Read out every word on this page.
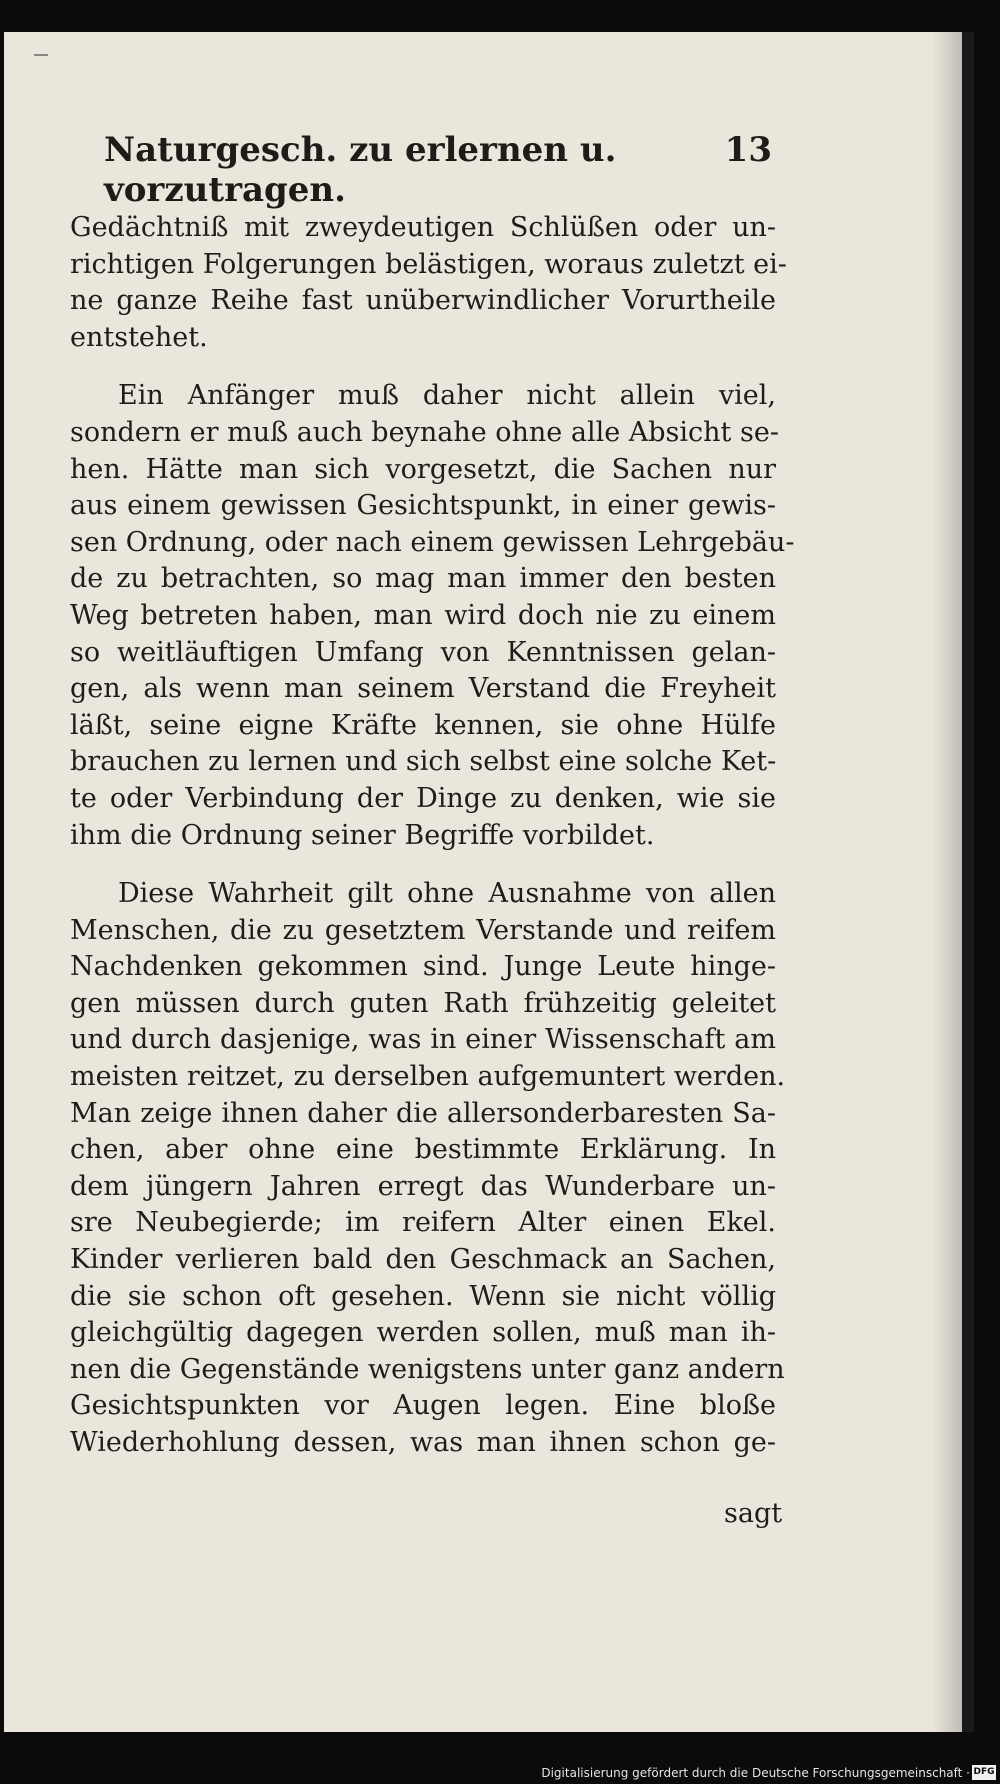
Naturgesch. zu erlernen u. vorzutragen.
13
Gedächtniß mit zweydeutigen Schlüßen oder un-
richtigen Folgerungen belästigen, woraus zuletzt ei-
ne ganze Reihe fast unüberwindlicher Vorurtheile
entstehet.
Ein Anfänger muß daher nicht allein viel,
sondern er muß auch beynahe ohne alle Absicht se-
hen. Hätte man sich vorgesetzt, die Sachen nur
aus einem gewissen Gesichtspunkt, in einer gewis-
sen Ordnung, oder nach einem gewissen Lehrgebäu-
de zu betrachten, so mag man immer den besten
Weg betreten haben, man wird doch nie zu einem
so weitläuftigen Umfang von Kenntnissen gelan-
gen, als wenn man seinem Verstand die Freyheit
läßt, seine eigne Kräfte kennen, sie ohne Hülfe
brauchen zu lernen und sich selbst eine solche Ket-
te oder Verbindung der Dinge zu denken, wie sie
ihm die Ordnung seiner Begriffe vorbildet.
Diese Wahrheit gilt ohne Ausnahme von allen
Menschen, die zu gesetztem Verstande und reifem
Nachdenken gekommen sind. Junge Leute hinge-
gen müssen durch guten Rath frühzeitig geleitet
und durch dasjenige, was in einer Wissenschaft am
meisten reitzet, zu derselben aufgemuntert werden.
Man zeige ihnen daher die allersonderbaresten Sa-
chen, aber ohne eine bestimmte Erklärung. In
dem jüngern Jahren erregt das Wunderbare un-
sre Neubegierde; im reifern Alter einen Ekel.
Kinder verlieren bald den Geschmack an Sachen,
die sie schon oft gesehen. Wenn sie nicht völlig
gleichgültig dagegen werden sollen, muß man ih-
nen die Gegenstände wenigstens unter ganz andern
Gesichtspunkten vor Augen legen. Eine bloße
Wiederhohlung dessen, was man ihnen schon ge-
sagt
Digitalisierung gefördert durch die Deutsche Forschungsgemeinschaft · DFG
